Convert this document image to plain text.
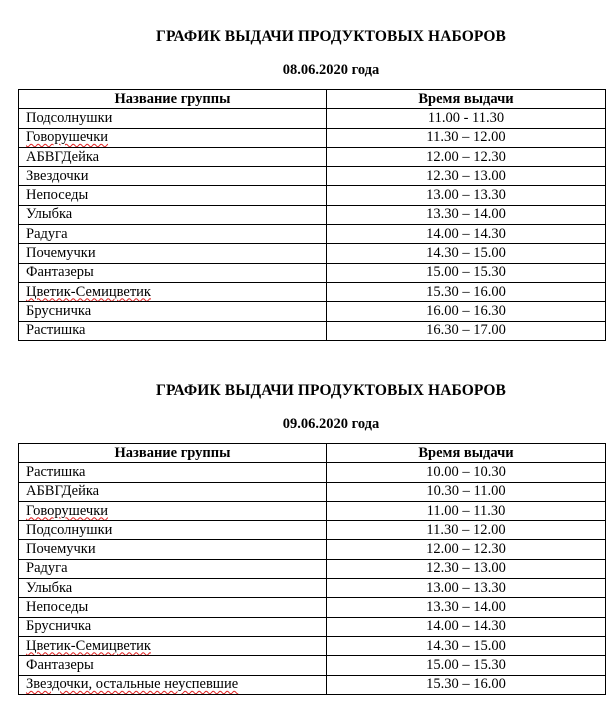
ГРАФИК ВЫДАЧИ ПРОДУКТОВЫХ НАБОРОВ
08.06.2020 года
Название группы	Время выдачи
Подсолнушки	11.00 - 11.30
Говорушечки	11.30 – 12.00
АБВГДейка	12.00 – 12.30
Звездочки	12.30 – 13.00
Непоседы	13.00 – 13.30
Улыбка	13.30 – 14.00
Радуга	14.00 – 14.30
Почемучки	14.30 – 15.00
Фантазеры	15.00 – 15.30
Цветик-Семицветик	15.30 – 16.00
Брусничка	16.00 – 16.30
Растишка	16.30 – 17.00
ГРАФИК ВЫДАЧИ ПРОДУКТОВЫХ НАБОРОВ
09.06.2020 года
Название группы	Время выдачи
Растишка	10.00 – 10.30
АБВГДейка	10.30 – 11.00
Говорушечки	11.00 – 11.30
Подсолнушки	11.30 – 12.00
Почемучки	12.00 – 12.30
Радуга	12.30 – 13.00
Улыбка	13.00 – 13.30
Непоседы	13.30 – 14.00
Брусничка	14.00 – 14.30
Цветик-Семицветик	14.30 – 15.00
Фантазеры	15.00 – 15.30
Звездочки, остальные неуспевшие	15.30 – 16.00
